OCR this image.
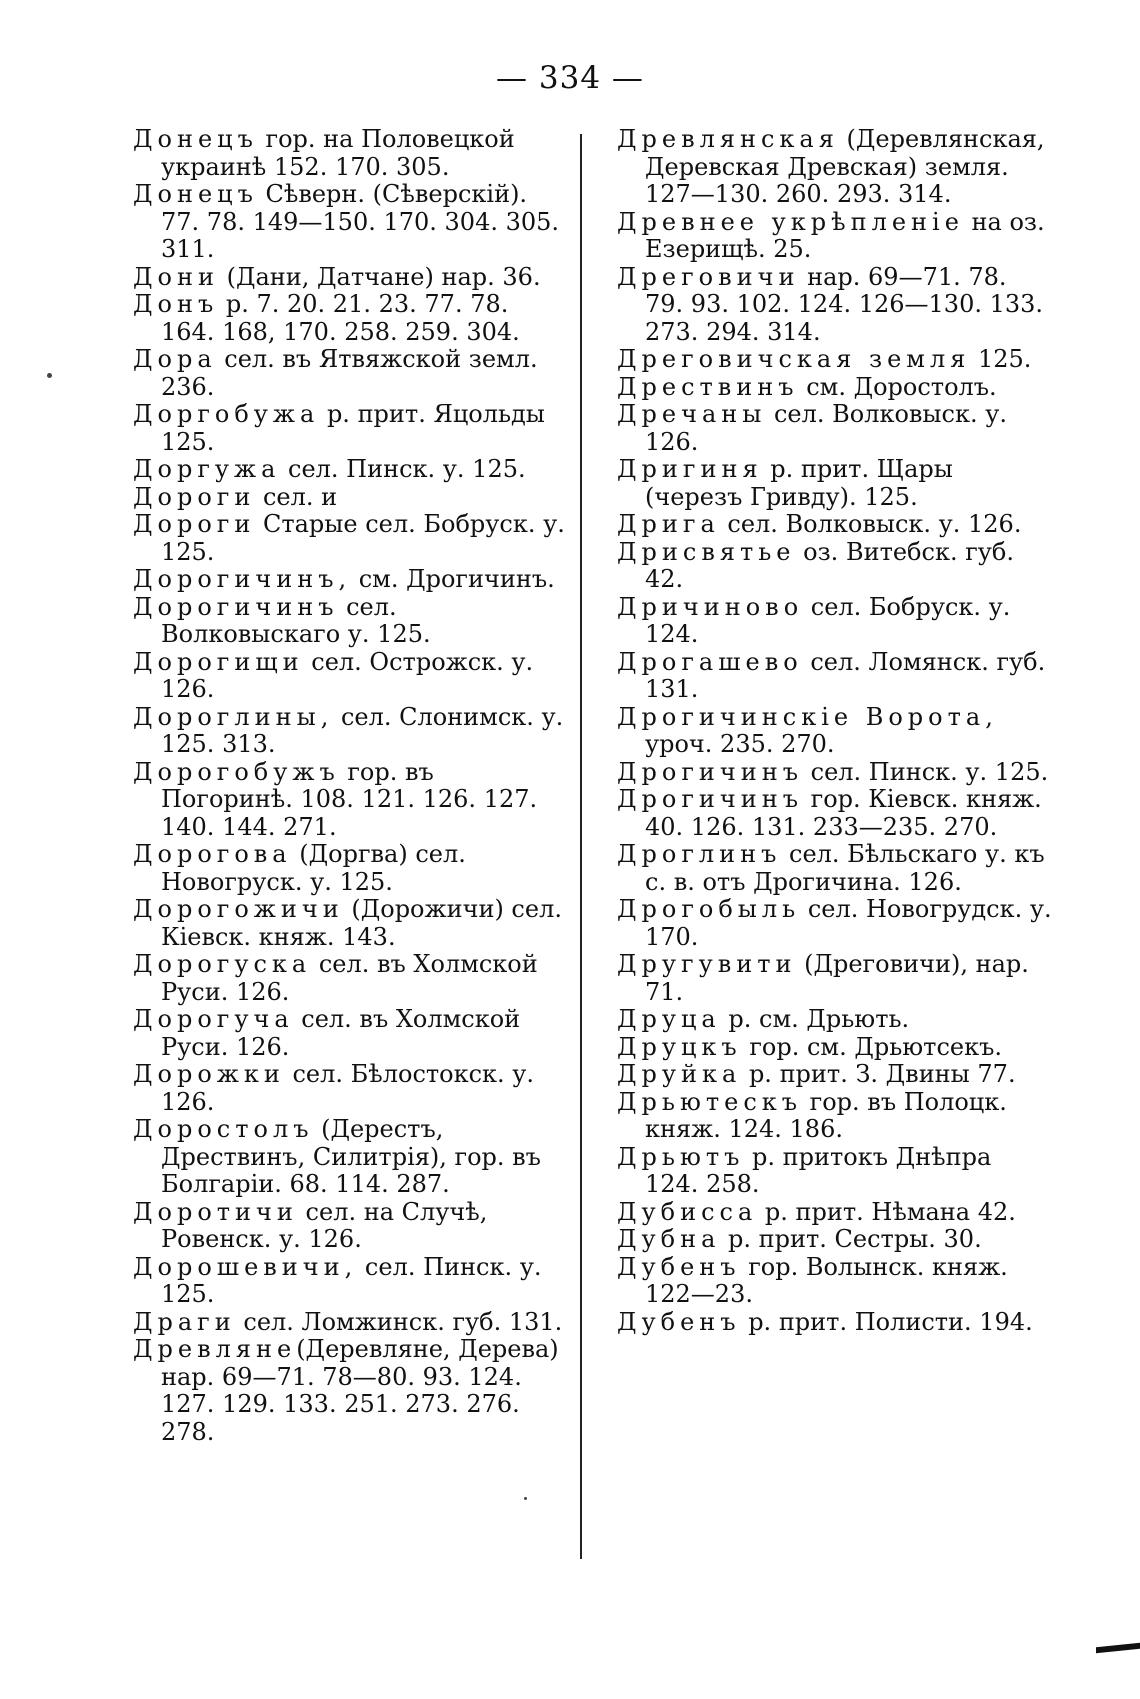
— 334 —

Донецъ гор. на Половецкой украинѣ 152. 170. 305.

Донецъ Сѣверн. (Сѣверскій). 77. 78. 149—150. 170. 304. 305. 311.

Дони (Дани, Датчане) нар. 36.

Донъ р. 7. 20. 21. 23. 77. 78. 164. 168, 170. 258. 259. 304.

Дора сел. въ Ятвяжской земл. 236.

Доргобужа р. прит. Яцольды 125.

Доргужа сел. Пинск. у. 125.

Дороги сел. и

Дороги Старые сел. Бобруск. у. 125.

Дорогичинъ, см. Дрогичинъ.

Дорогичинъ сел. Волковыскаго у. 125.

Дорогищи сел. Острожск. у. 126.

Дороглины, сел. Слонимск. у. 125. 313.

Дорогобужъ гор. въ Погоринѣ. 108. 121. 126. 127. 140. 144. 271.

Дорогова (Доргва) сел. Новогруск. у. 125.

Дорогожичи (Дорожичи) сел. Кіевск. княж. 143.

Дорогуска сел. въ Холмской Руси. 126.

Дорогуча сел. въ Холмской Руси. 126.

Дорожки сел. Бѣлостокск. у. 126.

Доростолъ (Дерестъ, Дрествинъ, Силитрія), гор. въ Болгаріи. 68. 114. 287.

Доротичи сел. на Случѣ, Ровенск. у. 126.

Дорошевичи, сел. Пинск. у. 125.

Драги сел. Ломжинск. губ. 131.

Древляне(Деревляне, Дерева) нар. 69—71. 78—80. 93. 124. 127. 129. 133. 251. 273. 276. 278.

Древлянская (Деревлянская, Деревская Древская) земля. 127—130. 260. 293. 314.

Древнее укрѣпленіе на оз. Езерищѣ. 25.

Дреговичи нар. 69—71. 78. 79. 93. 102. 124. 126—130. 133. 273. 294. 314.

Дреговичская земля 125.

Дрествинъ см. Доростолъ.

Дречаны сел. Волковыск. у. 126.

Дригиня р. прит. Щары (черезъ Гривду). 125.

Дрига сел. Волковыск. у. 126.

Дрисвятье оз. Витебск. губ. 42.

Дричиново сел. Бобруск. у. 124.

Дрогашево сел. Ломянск. губ. 131.

Дрогичинскіе Ворота, уроч. 235. 270.

Дрогичинъ сел. Пинск. у. 125.

Дрогичинъ гор. Кіевск. княж. 40. 126. 131. 233—235. 270.

Дроглинъ сел. Бѣльскаго у. къ с. в. отъ Дрогичина. 126.

Дрогобыль сел. Новогрудск. у. 170.

Другувити (Дреговичи), нар. 71.

Друца р. см. Дрьють.

Друцкъ гор. см. Дрьютсекъ.

Друйка р. прит. З. Двины 77.

Дрьютескъ гор. въ Полоцк. княж. 124. 186.

Дрьютъ р. притокъ Днѣпра 124. 258.

Дубисса р. прит. Нѣмана 42.

Дубна р. прит. Сестры. 30.

Дубенъ гор. Волынск. княж. 122—23.

Дубенъ р. прит. Полисти. 194.
